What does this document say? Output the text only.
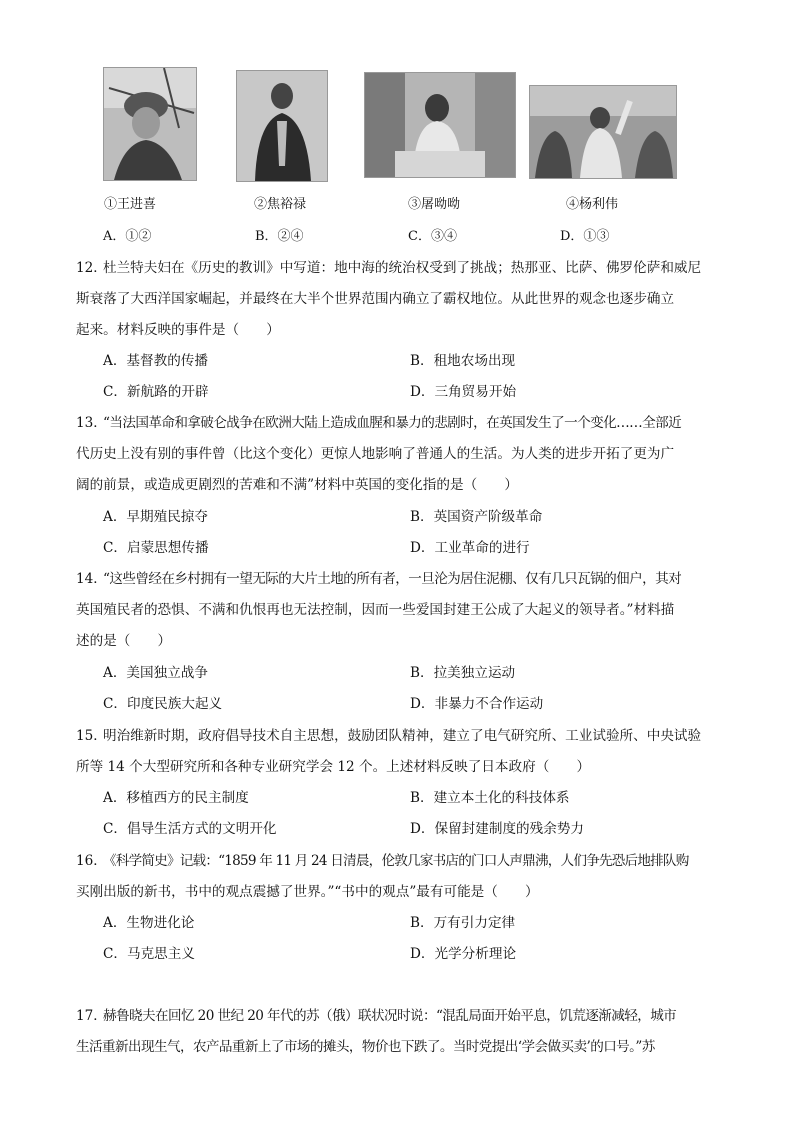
①王进喜	②焦裕禄	③屠呦呦	④杨利伟
A．①②	B．②④	C．③④	D．①③
12．
杜兰特夫妇在《历史的教训》中写道：地中海的统治权受到了挑战；热那亚、比萨、佛罗伦萨和威尼
斯衰落了大西洋国家崛起，并最终在大半个世界范围内确立了霸权地位。从此世界的观念也逐步确立
起来。材料反映的事件是（　　）
A．基督教的传播	B．租地农场出现
C．新航路的开辟	D．三角贸易开始
13．
“当法国革命和拿破仑战争在欧洲大陆上造成血腥和暴力的悲剧时，在英国发生了一个变化……全部近
代历史上没有别的事件曾（比这个变化）更惊人地影响了普通人的生活。为人类的进步开拓了更为广
阔的前景，或造成更剧烈的苦难和不满”材料中英国的变化指的是（　　）
A．早期殖民掠夺	B．英国资产阶级革命
C．启蒙思想传播	D．工业革命的进行
14．
“这些曾经在乡村拥有一望无际的大片土地的所有者，一旦沦为居住泥棚、仅有几只瓦锅的佃户，其对
英国殖民者的恐惧、不满和仇恨再也无法控制，因而一些爱国封建王公成了大起义的领导者。”材料描
述的是（　　）
A．美国独立战争	B．拉美独立运动
C．印度民族大起义	D．非暴力不合作运动
15．
明治维新时期，政府倡导技术自主思想，鼓励团队精神，建立了电气研究所、工业试验所、中央试验
所等 14 个大型研究所和各种专业研究学会 12 个。上述材料反映了日本政府（　　）
A．移植西方的民主制度	B．建立本土化的科技体系
C．倡导生活方式的文明开化	D．保留封建制度的残余势力
16．
《科学简史》记载：“1859 年 11 月 24 日清晨，伦敦几家书店的门口人声鼎沸，人们争先恐后地排队购
买刚出版的新书，书中的观点震撼了世界。”“书中的观点”最有可能是（　　）
A．生物进化论	B．万有引力定律
C．马克思主义	D．光学分析理论
17．
赫鲁晓夫在回忆 20 世纪 20 年代的苏（俄）联状况时说：“混乱局面开始平息，饥荒逐渐减轻，城市
生活重新出现生气，农产品重新上了市场的摊头，物价也下跌了。当时党提出‘学会做买卖’的口号。”苏
